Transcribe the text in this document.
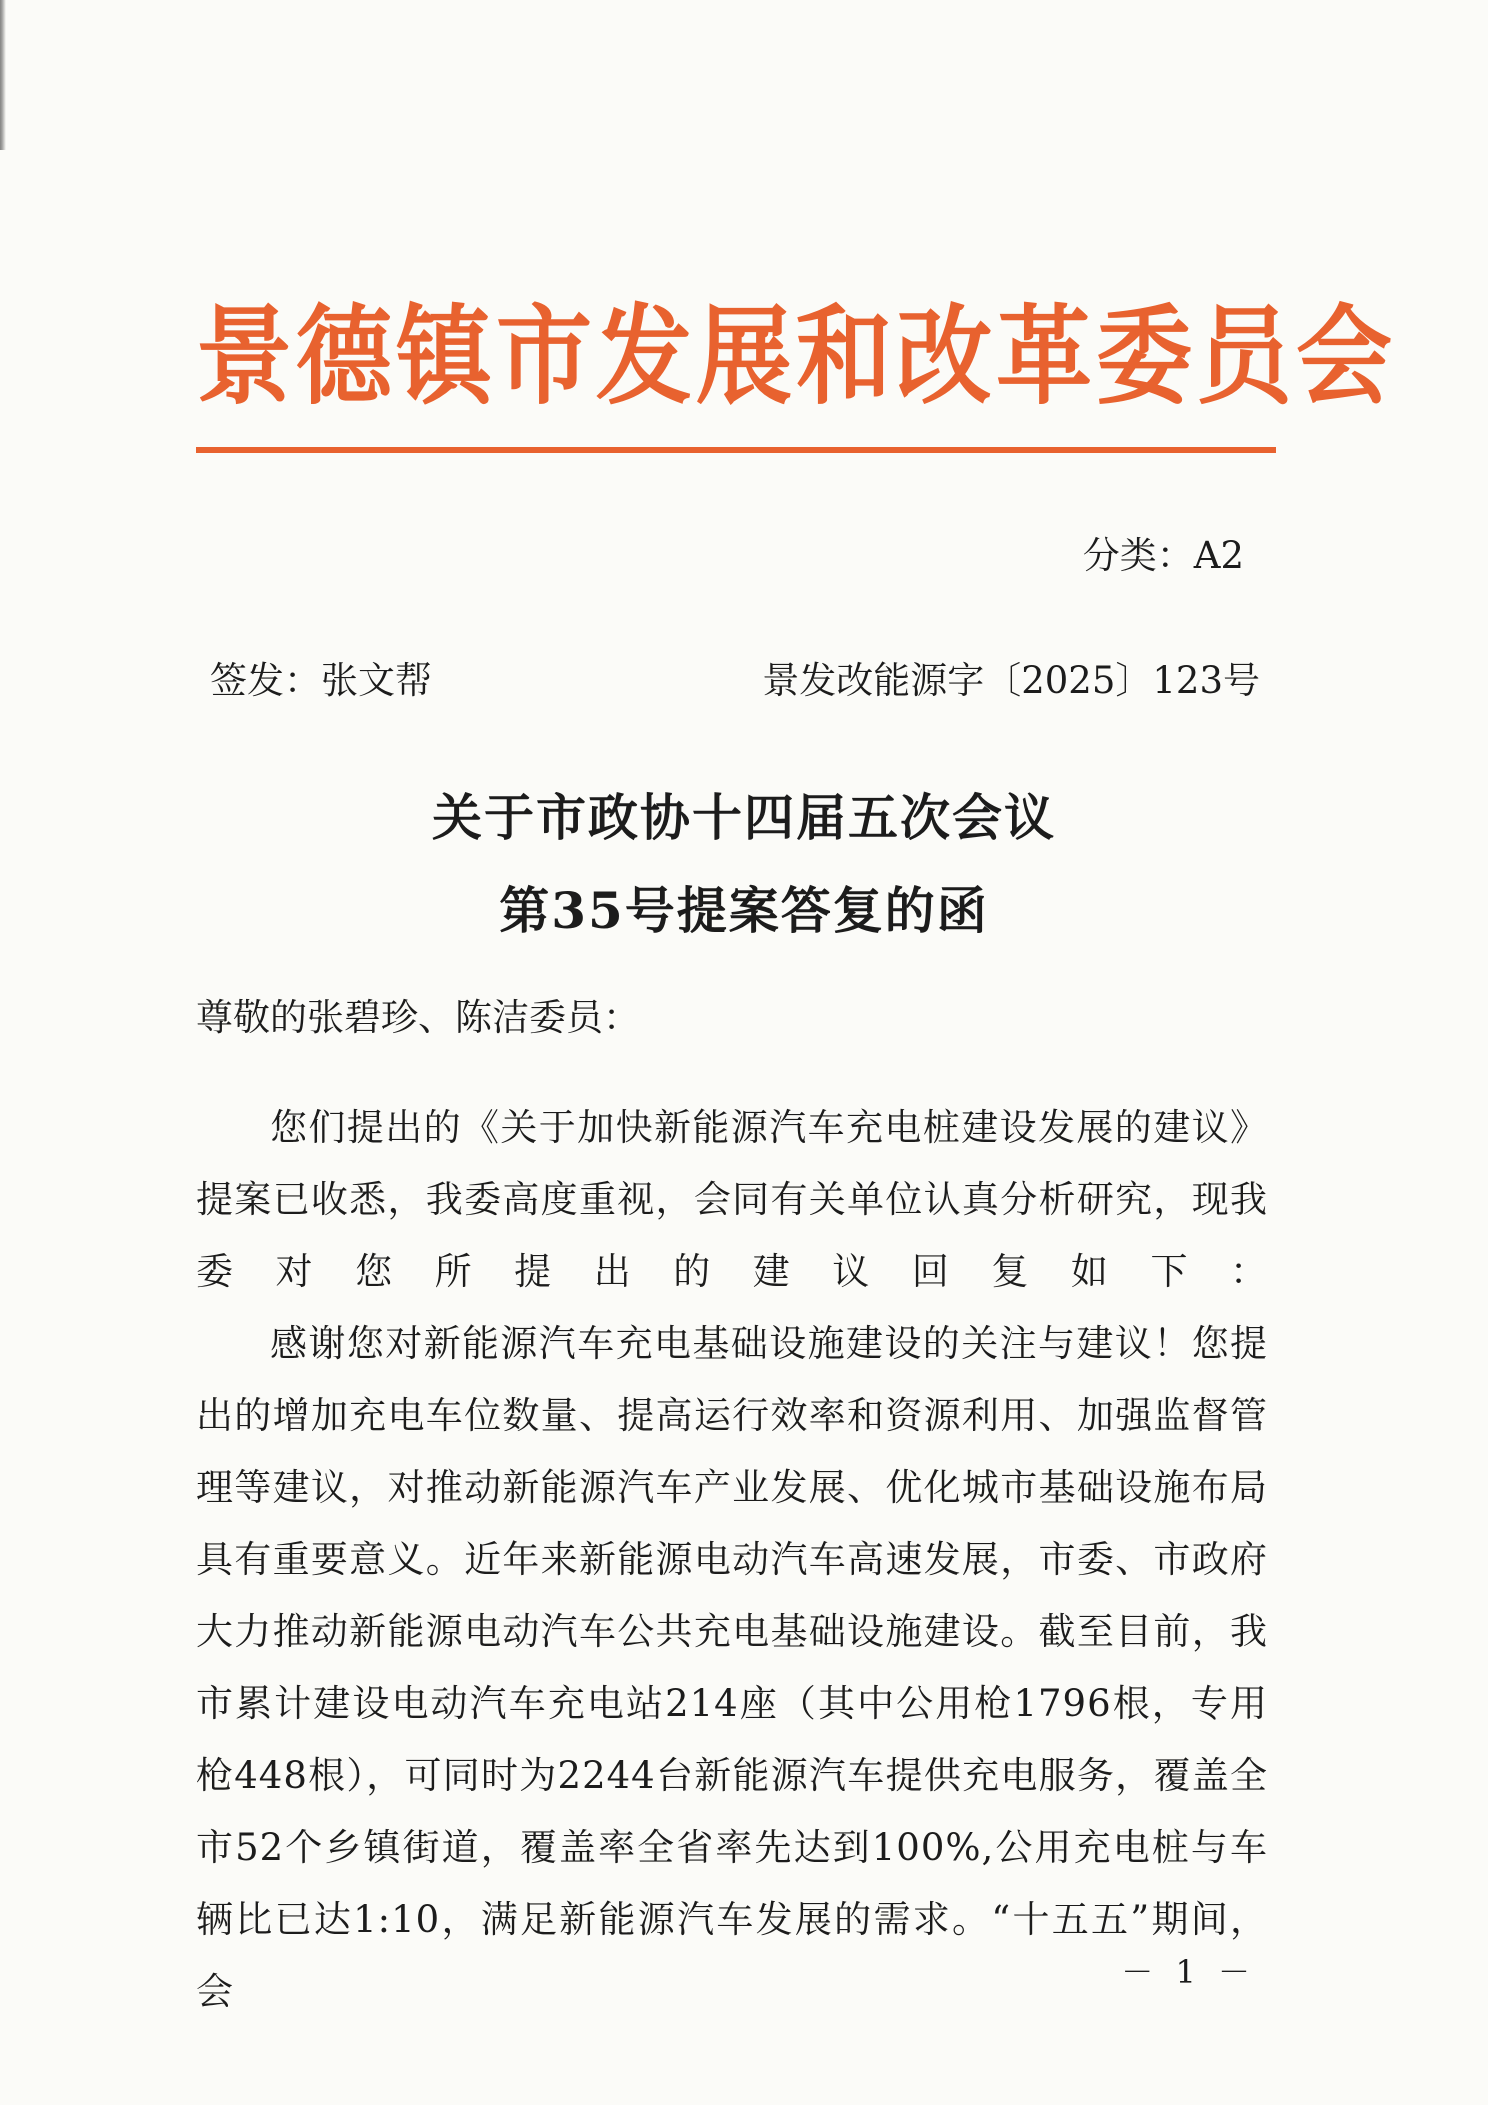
景德镇市发展和改革委员会
分类：A2
签发：张文帮	景发改能源字〔2025〕123号
关于市政协十四届五次会议
第35号提案答复的函
尊敬的张碧珍、陈洁委员：

您们提出的《关于加快新能源汽车充电桩建设发展的建议》提案已收悉，我委高度重视，会同有关单位认真分析研究，现我委对您所提出的建议回复如下：

感谢您对新能源汽车充电基础设施建设的关注与建议！您提出的增加充电车位数量、提高运行效率和资源利用、加强监督管理等建议，对推动新能源汽车产业发展、优化城市基础设施布局具有重要意义。近年来新能源电动汽车高速发展，市委、市政府大力推动新能源电动汽车公共充电基础设施建设。截至目前，我市累计建设电动汽车充电站214座（其中公用枪1796根，专用枪448根），可同时为2244台新能源汽车提供充电服务，覆盖全市52个乡镇街道，覆盖率全省率先达到100%,公用充电桩与车辆比已达1:10，满足新能源汽车发展的需求。“十五五”期间，会	－ 1 －
